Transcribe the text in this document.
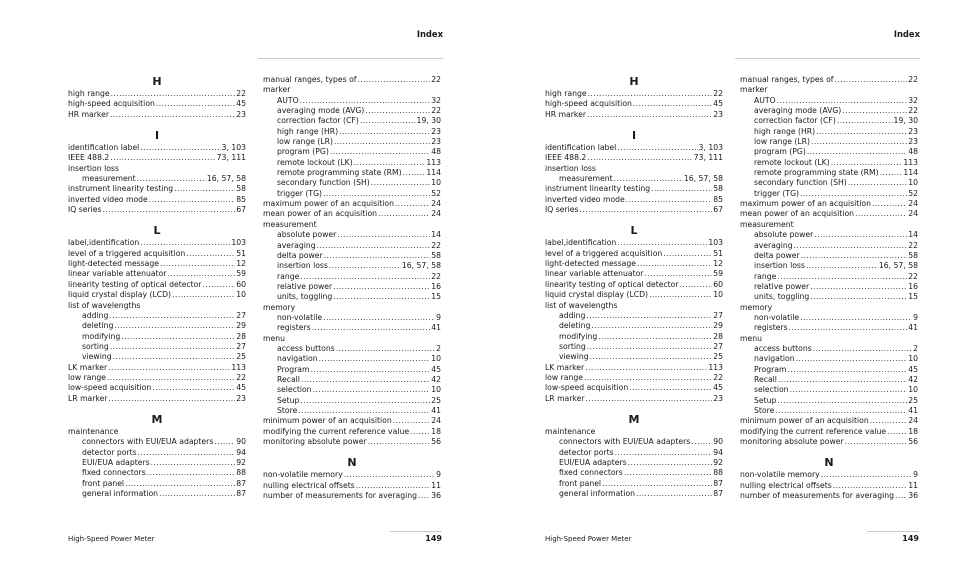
Index
H
high range .....	22
high-speed acquisition .....	45
HR marker .....	23
I
identification label .....	3, 103
IEEE 488.2 .....	73, 111
insertion loss
measurement .....	16, 57, 58
instrument linearity testing .....	58
inverted video mode .....	85
IQ series .....	67
L
label,identification .....	103
level of a triggered acquisition .....	51
light-detected message .....	12
linear variable attenuator .....	59
linearity testing of optical detector .....	60
liquid crystal display (LCD) .....	10
list of wavelengths
adding .....	27
deleting .....	29
modifying .....	28
sorting .....	27
viewing .....	25
LK marker .....	113
low range .....	22
low-speed acquisition .....	45
LR marker .....	23
M
maintenance
connectors with EUI/EUA adapters .....	90
detector ports .....	94
EUI/EUA adapters .....	92
fixed connectors .....	88
front panel .....	87
general information .....	87
manual ranges, types of .....	22
marker
AUTO .....	32
averaging mode (AVG) .....	22
correction factor (CF) .....	19, 30
high range (HR) .....	23
low range (LR) .....	23
program (PG) .....	48
remote lockout (LK) .....	113
remote programming state (RM) .....	114
secondary function (SH) .....	10
trigger (TG) .....	52
maximum power of an acquisition .....	24
mean power of an acquisition .....	24
measurement
absolute power .....	14
averaging .....	22
delta power .....	58
insertion loss .....	16, 57, 58
range .....	22
relative power .....	16
units, toggling .....	15
memory
non-volatile .....	9
registers .....	41
menu
access buttons .....	2
navigation .....	10
Program .....	45
Recall .....	42
selection .....	10
Setup .....	25
Store .....	41
minimum power of an acquisition .....	24
modifying the current reference value .....	18
monitoring absolute power .....	56
N
non-volatile memory .....	9
nulling electrical offsets .....	11
number of measurements for averaging ..... 36
High-Speed Power Meter	149
Index
H
high range .....	22
high-speed acquisition .....	45
HR marker .....	23
I
identification label .....	3, 103
IEEE 488.2 .....	73, 111
insertion loss
measurement .....	16, 57, 58
instrument linearity testing .....	58
inverted video mode .....	85
IQ series .....	67
L
label,identification .....	103
level of a triggered acquisition .....	51
light-detected message .....	12
linear variable attenuator .....	59
linearity testing of optical detector .....	60
liquid crystal display (LCD) .....	10
list of wavelengths
adding .....	27
deleting .....	29
modifying .....	28
sorting .....	27
viewing .....	25
LK marker .....	113
low range .....	22
low-speed acquisition .....	45
LR marker .....	23
M
maintenance
connectors with EUI/EUA adapters .....	90
detector ports .....	94
EUI/EUA adapters .....	92
fixed connectors .....	88
front panel .....	87
general information .....	87
manual ranges, types of .....	22
marker
AUTO .....	32
averaging mode (AVG) .....	22
correction factor (CF) .....	19, 30
high range (HR) .....	23
low range (LR) .....	23
program (PG) .....	48
remote lockout (LK) .....	113
remote programming state (RM) .....	114
secondary function (SH) .....	10
trigger (TG) .....	52
maximum power of an acquisition .....	24
mean power of an acquisition .....	24
measurement
absolute power .....	14
averaging .....	22
delta power .....	58
insertion loss .....	16, 57, 58
range .....	22
relative power .....	16
units, toggling .....	15
memory
non-volatile .....	9
registers .....	41
menu
access buttons .....	2
navigation .....	10
Program .....	45
Recall .....	42
selection .....	10
Setup .....	25
Store .....	41
minimum power of an acquisition .....	24
modifying the current reference value .....	18
monitoring absolute power .....	56
N
non-volatile memory .....	9
nulling electrical offsets .....	11
number of measurements for averaging ..... 36
High-Speed Power Meter	149
